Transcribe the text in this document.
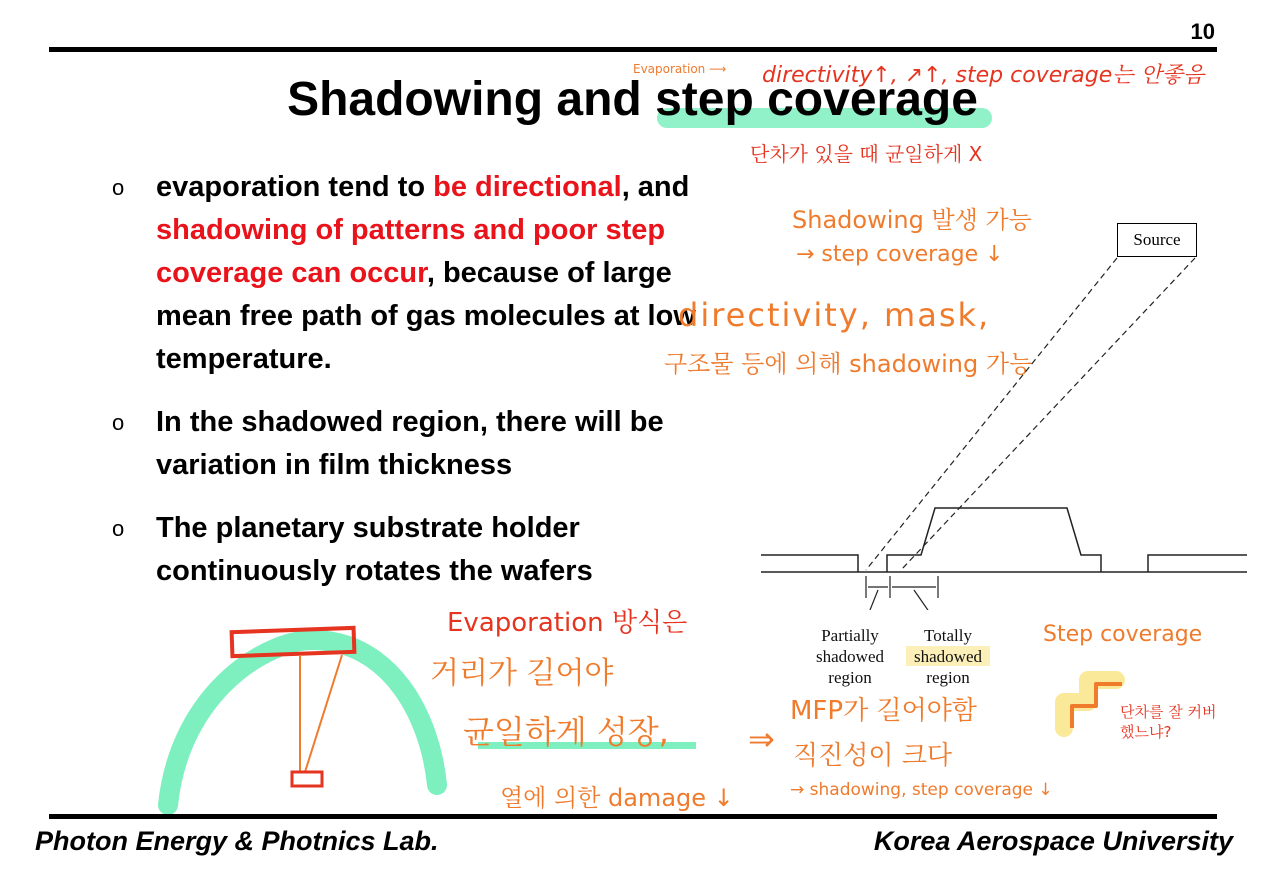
10
Shadowing and step coverage
Evaporation ⟶ directivity↑, ↗↑, step coverage는 안좋음
단차가 있을 때 균일하게 X
o evaporation tend to be directional, and shadowing of patterns and poor step coverage can occur, because of large mean free path of gas molecules at low temperature.
o In the shadowed region, there will be variation in film thickness
o The planetary substrate holder continuously rotates the wafers
Shadowing 발생 가능
→ step coverage ↓
directivity, mask,
구조물 등에 의해 shadowing 가능
Source
Partially
shadowed
region
Totally
shadowed
region
Evaporation 방식은
거리가 길어야
균일하게 성장,
열에 의한 damage ↓
⇒
MFP가 길어야함
직진성이 크다
→ shadowing, step coverage ↓
Step coverage
단차를 잘 커버 했느냐?
Photon Energy & Photnics Lab.	Korea Aerospace University
